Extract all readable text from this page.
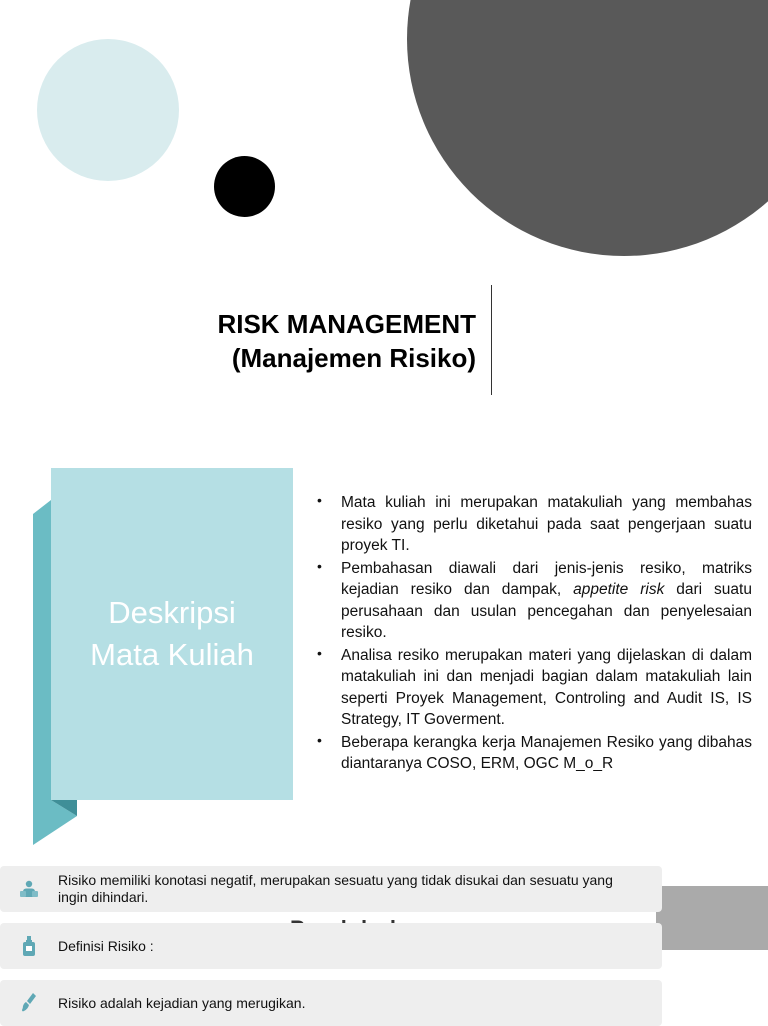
RISK MANAGEMENT
(Manajemen Risiko)
Deskripsi
Mata Kuliah
• Mata kuliah ini merupakan matakuliah yang membahas resiko yang perlu diketahui pada saat pengerjaan suatu proyek TI.
• Pembahasan diawali dari jenis-jenis resiko, matriks kejadian resiko dan dampak, appetite risk dari suatu perusahaan dan usulan pencegahan dan penyelesaian resiko.
• Analisa resiko merupakan materi yang dijelaskan di dalam matakuliah ini dan menjadi bagian dalam matakuliah lain seperti Proyek Management, Controling and Audit IS, IS Strategy, IT Goverment.
• Beberapa kerangka kerja Manajemen Resiko yang dibahas diantaranya COSO, ERM, OGC M_o_R
Risiko memiliki konotasi negatif, merupakan sesuatu yang tidak disukai dan sesuatu yang ingin dihindari.
Definisi Risiko :
Risiko adalah kejadian yang merugikan.
